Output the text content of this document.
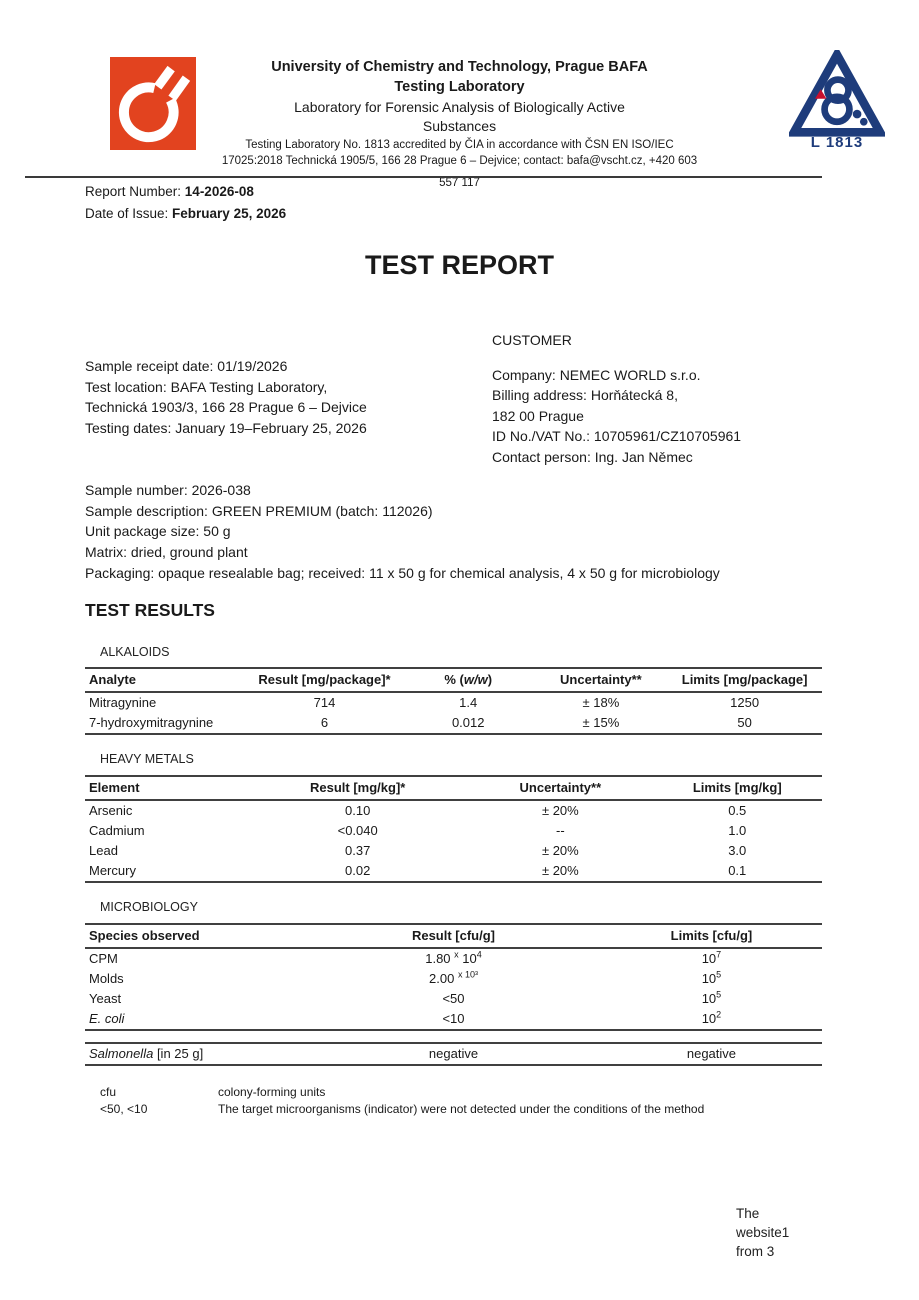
L 1813
University of Chemistry and Technology, Prague BAFA
Testing Laboratory
Laboratory for Forensic Analysis of Biologically Active
Substances
Testing Laboratory No. 1813 accredited by ČIA in accordance with ČSN EN ISO/IEC
17025:2018 Technická 1905/5, 166 28 Prague 6 – Dejvice; contact: bafa@vscht.cz, +420 603
557 117
Report Number: 14-2026-08
Date of Issue: February 25, 2026
TEST REPORT
Sample receipt date: 01/19/2026
Test location: BAFA Testing Laboratory,
Technická 1903/3, 166 28 Prague 6 – Dejvice
Testing dates: January 19–February 25, 2026
CUSTOMER
Company: NEMEC WORLD s.r.o.
Billing address: Horňátecká 8,
182 00 Prague
ID No./VAT No.: 10705961/CZ10705961
Contact person: Ing. Jan Němec
Sample number: 2026-038
Sample description: GREEN PREMIUM (batch: 112026)
Unit package size: 50 g
Matrix: dried, ground plant
Packaging: opaque resealable bag; received: 11 x 50 g for chemical analysis, 4 x 50 g for microbiology
TEST RESULTS
ALKALOIDS
Analyte	Result [mg/package]*	% (w/w)	Uncertainty**	Limits [mg/package]
Mitragynine	714	1.4	± 18%	1250
7-hydroxymitragynine	6	0.012	± 15%	50
HEAVY METALS
Element	Result [mg/kg]*	Uncertainty**	Limits [mg/kg]
Arsenic	0.10	± 20%	0.5
Cadmium	<0.040	--	1.0
Lead	0.37	± 20%	3.0
Mercury	0.02	± 20%	0.1
MICROBIOLOGY
Species observed	Result [cfu/g]	Limits [cfu/g]
CPM	1.80 $^x$ $10^4$	$10^7$
Molds	2.00 $^{x 10^3}$	$10^5$
Yeast	<50	$10^5$
E. coli	<10	$10^2$
Salmonella [in 25 g]	negative	negative
cfu	colony-forming units
<50, <10	The target microorganisms (indicator) were not detected under the conditions of the method
The
website1
from 3
